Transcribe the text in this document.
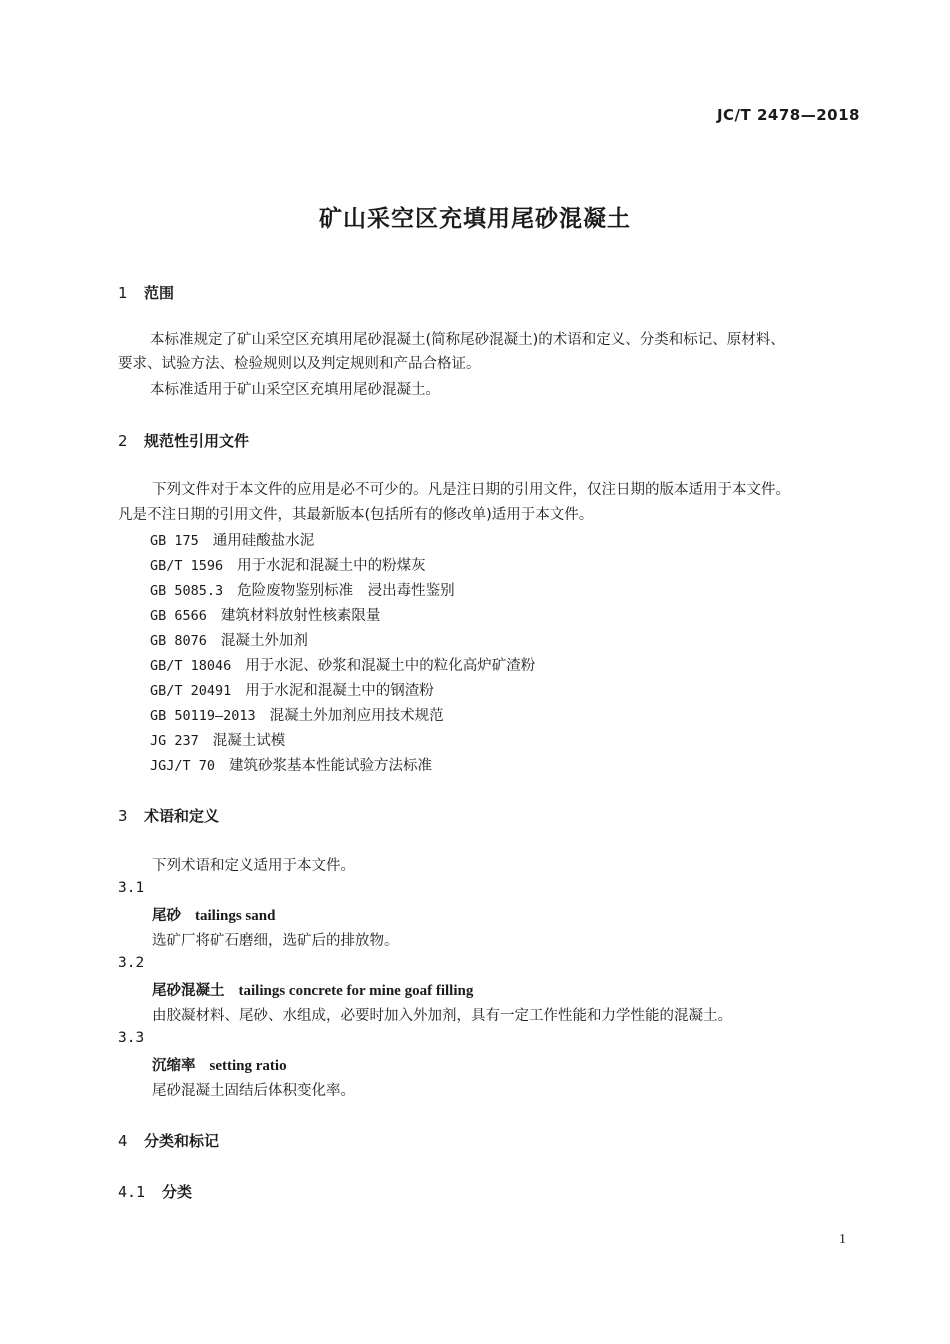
JC/T 2478—2018
矿山采空区充填用尾砂混凝土
1 范围
本标准规定了矿山采空区充填用尾砂混凝土(简称尾砂混凝土)的术语和定义、分类和标记、原材料、
要求、试验方法、检验规则以及判定规则和产品合格证。
本标准适用于矿山采空区充填用尾砂混凝土。
2 规范性引用文件
下列文件对于本文件的应用是必不可少的。凡是注日期的引用文件，仅注日期的版本适用于本文件。
凡是不注日期的引用文件，其最新版本(包括所有的修改单)适用于本文件。
GB 175 通用硅酸盐水泥
GB/T 1596 用于水泥和混凝土中的粉煤灰
GB 5085.3 危险废物鉴别标准　浸出毒性鉴别
GB 6566 建筑材料放射性核素限量
GB 8076 混凝土外加剂
GB/T 18046 用于水泥、砂浆和混凝土中的粒化高炉矿渣粉
GB/T 20491 用于水泥和混凝土中的钢渣粉
GB 50119—2013 混凝土外加剂应用技术规范
JG 237 混凝土试模
JGJ/T 70 建筑砂浆基本性能试验方法标准
3 术语和定义
下列术语和定义适用于本文件。
3.1
尾砂 tailings sand
选矿厂将矿石磨细，选矿后的排放物。
3.2
尾砂混凝土 tailings concrete for mine goaf filling
由胶凝材料、尾砂、水组成，必要时加入外加剂，具有一定工作性能和力学性能的混凝土。
3.3
沉缩率 setting ratio
尾砂混凝土固结后体积变化率。
4 分类和标记
4.1 分类
1
